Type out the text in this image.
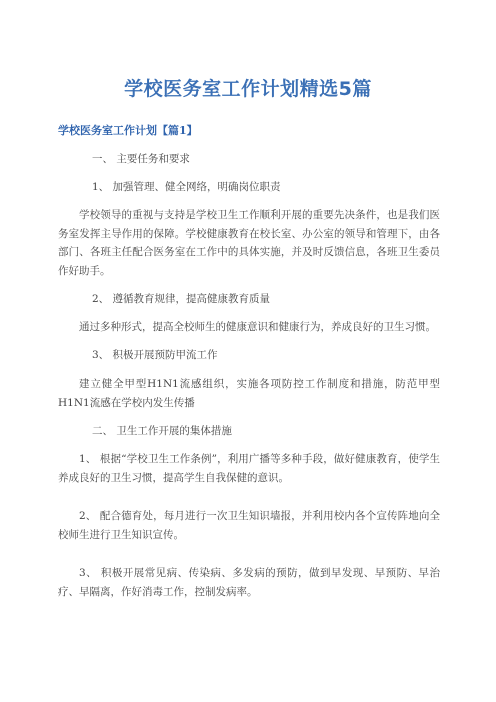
学校医务室工作计划精选5篇
学校医务室工作计划【篇1】
一、 主要任务和要求
1、 加强管理、健全网络，明确岗位职责
学校领导的重视与支持是学校卫生工作顺利开展的重要先决条件，也是我们医务室发挥主导作用的保障。学校健康教育在校长室、办公室的领导和管理下，由各部门、各班主任配合医务室在工作中的具体实施，并及时反馈信息，各班卫生委员作好助手。
2、 遵循教育规律，提高健康教育质量
通过多种形式，提高全校师生的健康意识和健康行为，养成良好的卫生习惯。
3、 积极开展预防甲流工作
建立健全甲型H1N1流感组织，实施各项防控工作制度和措施，防范甲型H1N1流感在学校内发生传播
二、 卫生工作开展的集体措施
1、 根据“学校卫生工作条例”，利用广播等多种手段，做好健康教育，使学生养成良好的卫生习惯，提高学生自我保健的意识。
2、 配合德育处，每月进行一次卫生知识墙报，并利用校内各个宣传阵地向全校师生进行卫生知识宣传。
3、 积极开展常见病、传染病、多发病的预防，做到早发现、早预防、早治疗、早隔离，作好消毒工作，控制发病率。
